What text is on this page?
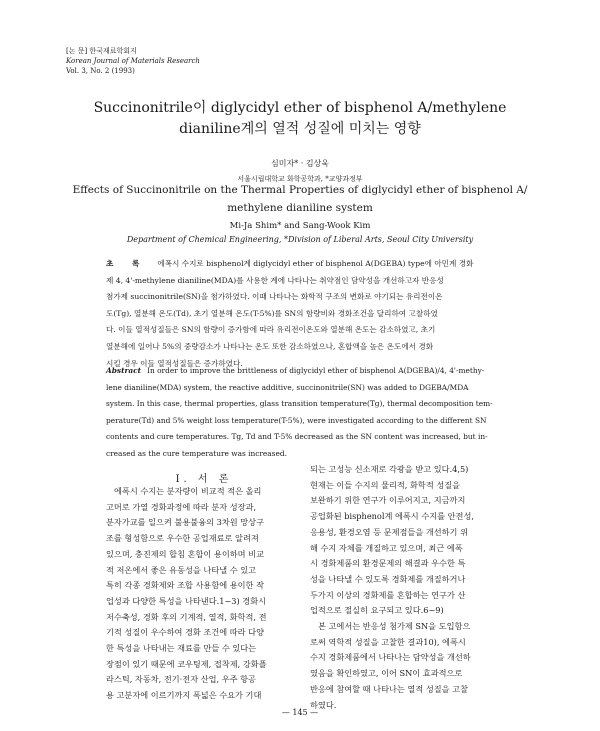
[논 문] 한국재료학회지
Korean Journal of Materials Research
Vol. 3, No. 2 (1993)
Succinonitrile이 diglycidyl ether of bisphenol A/methylene
dianiline계의 열적 성질에 미치는 영향
심미자* · 김상욱
서울시립대학교 화학공학과, *교양과정부
Effects of Succinonitrile on the Thermal Properties of diglycidyl ether of bisphenol A/
methylene dianiline system
Mi-Ja Shim* and Sang-Wook Kim
Department of Chemical Engineering, *Division of Liberal Arts, Seoul City University
초 록 에폭시 수지로 bisphenol계 diglycidyl ether of bisphenol A(DGEBA) type에 아민계 경화
제 4, 4'-methylene dianiline(MDA)를 사용한 계에 나타나는 취약점인 담약성을 개선하고자 반응성
첨가제 succinonitrile(SN)을 첨가하였다. 이때 나타나는 화학적 구조의 변화로 야기되는 유리전이온
도(Tg), 열분해 온도(Td), 초기 열분해 온도(T-5%)를 SN의 함량비와 경화조건을 달리하여 고찰하였
다. 이들 열적성질들은 SN의 함량이 증가함에 따라 유리전이온도와 열분해 온도는 감소하였고, 초기
열분해에 일어나 5%의 중량감소가 나타나는 온도 또한 감소하였으나, 혼합액을 높은 온도에서 경화
시킬 경우 이들 열적성질들은 증가하였다.
Abstract In order to improve the brittleness of diglycidyl ether of bisphenol A(DGEBA)/4, 4'-methy-
lene dianiline(MDA) system, the reactive additive, succinonitrile(SN) was added to DGEBA/MDA
system. In this case, thermal properties, glass transition temperature(Tg), thermal decomposition tem-
perature(Td) and 5% weight loss temperature(T-5%), were investigated according to the different SN
contents and cure temperatures. Tg, Td and T-5% decreased as the SN content was increased, but in-
creased as the cure temperature was increased.
I. 서 론
에폭시 수지는 분자량이 비교적 적은 올리
고머로 가열 경화과정에 따라 분자 성장과,
분자가교를 일으켜 불용불융의 3차원 망상구
조를 형성함으로 우수한 공업재료로 알려져
있으며, 충진제의 합침 혼합이 용이하며 비교
적 저온에서 좋은 유동성을 나타낼 수 있고
특히 각종 경화제와 조합 사용함에 용이한 작
업성과 다양한 특성을 나타낸다.1~3) 경화시
저수축성, 경화 후의 기계적, 열적, 화학적, 전
기적 성질이 우수하여 경화 조건에 따라 다양
한 특성을 나타내는 재료를 만들 수 있다는
장점이 있기 때문에 코우팅제, 접착제, 강화플
라스틱, 자동차, 전기·전자 산업, 우주 항공
용 고분자에 이르기까지 폭넓은 수요가 기대
되는 고성능 신소재로 각광을 받고 있다.4,5)
현재는 이들 수지의 물리적, 화학적 성질을
보완하기 위한 연구가 이루어지고, 지금까지
공업화된 bisphenol계 에폭시 수지를 안전성,
응용성, 환경오염 등 문제점들을 개선하기 위
해 수지 자체를 개질하고 있으며, 최근 에폭
시 경화제품의 환경문제의 해결과 우수한 특
성을 나타낼 수 있도록 경화제를 개질하거나
두가지 이상의 경화제를 혼합하는 연구가 산
업적으로 절실히 요구되고 있다.6~9)
본 고에서는 반응성 첨가제 SN을 도입함으
로써 역학적 성질을 고찰한 결과10), 에폭시
수지 경화제품에서 나타나는 담약성을 개선하
였음을 확인하였고, 이어 SN이 효과적으로
반응에 참여할 때 나타나는 열적 성질을 고찰
하였다.
— 145 —
